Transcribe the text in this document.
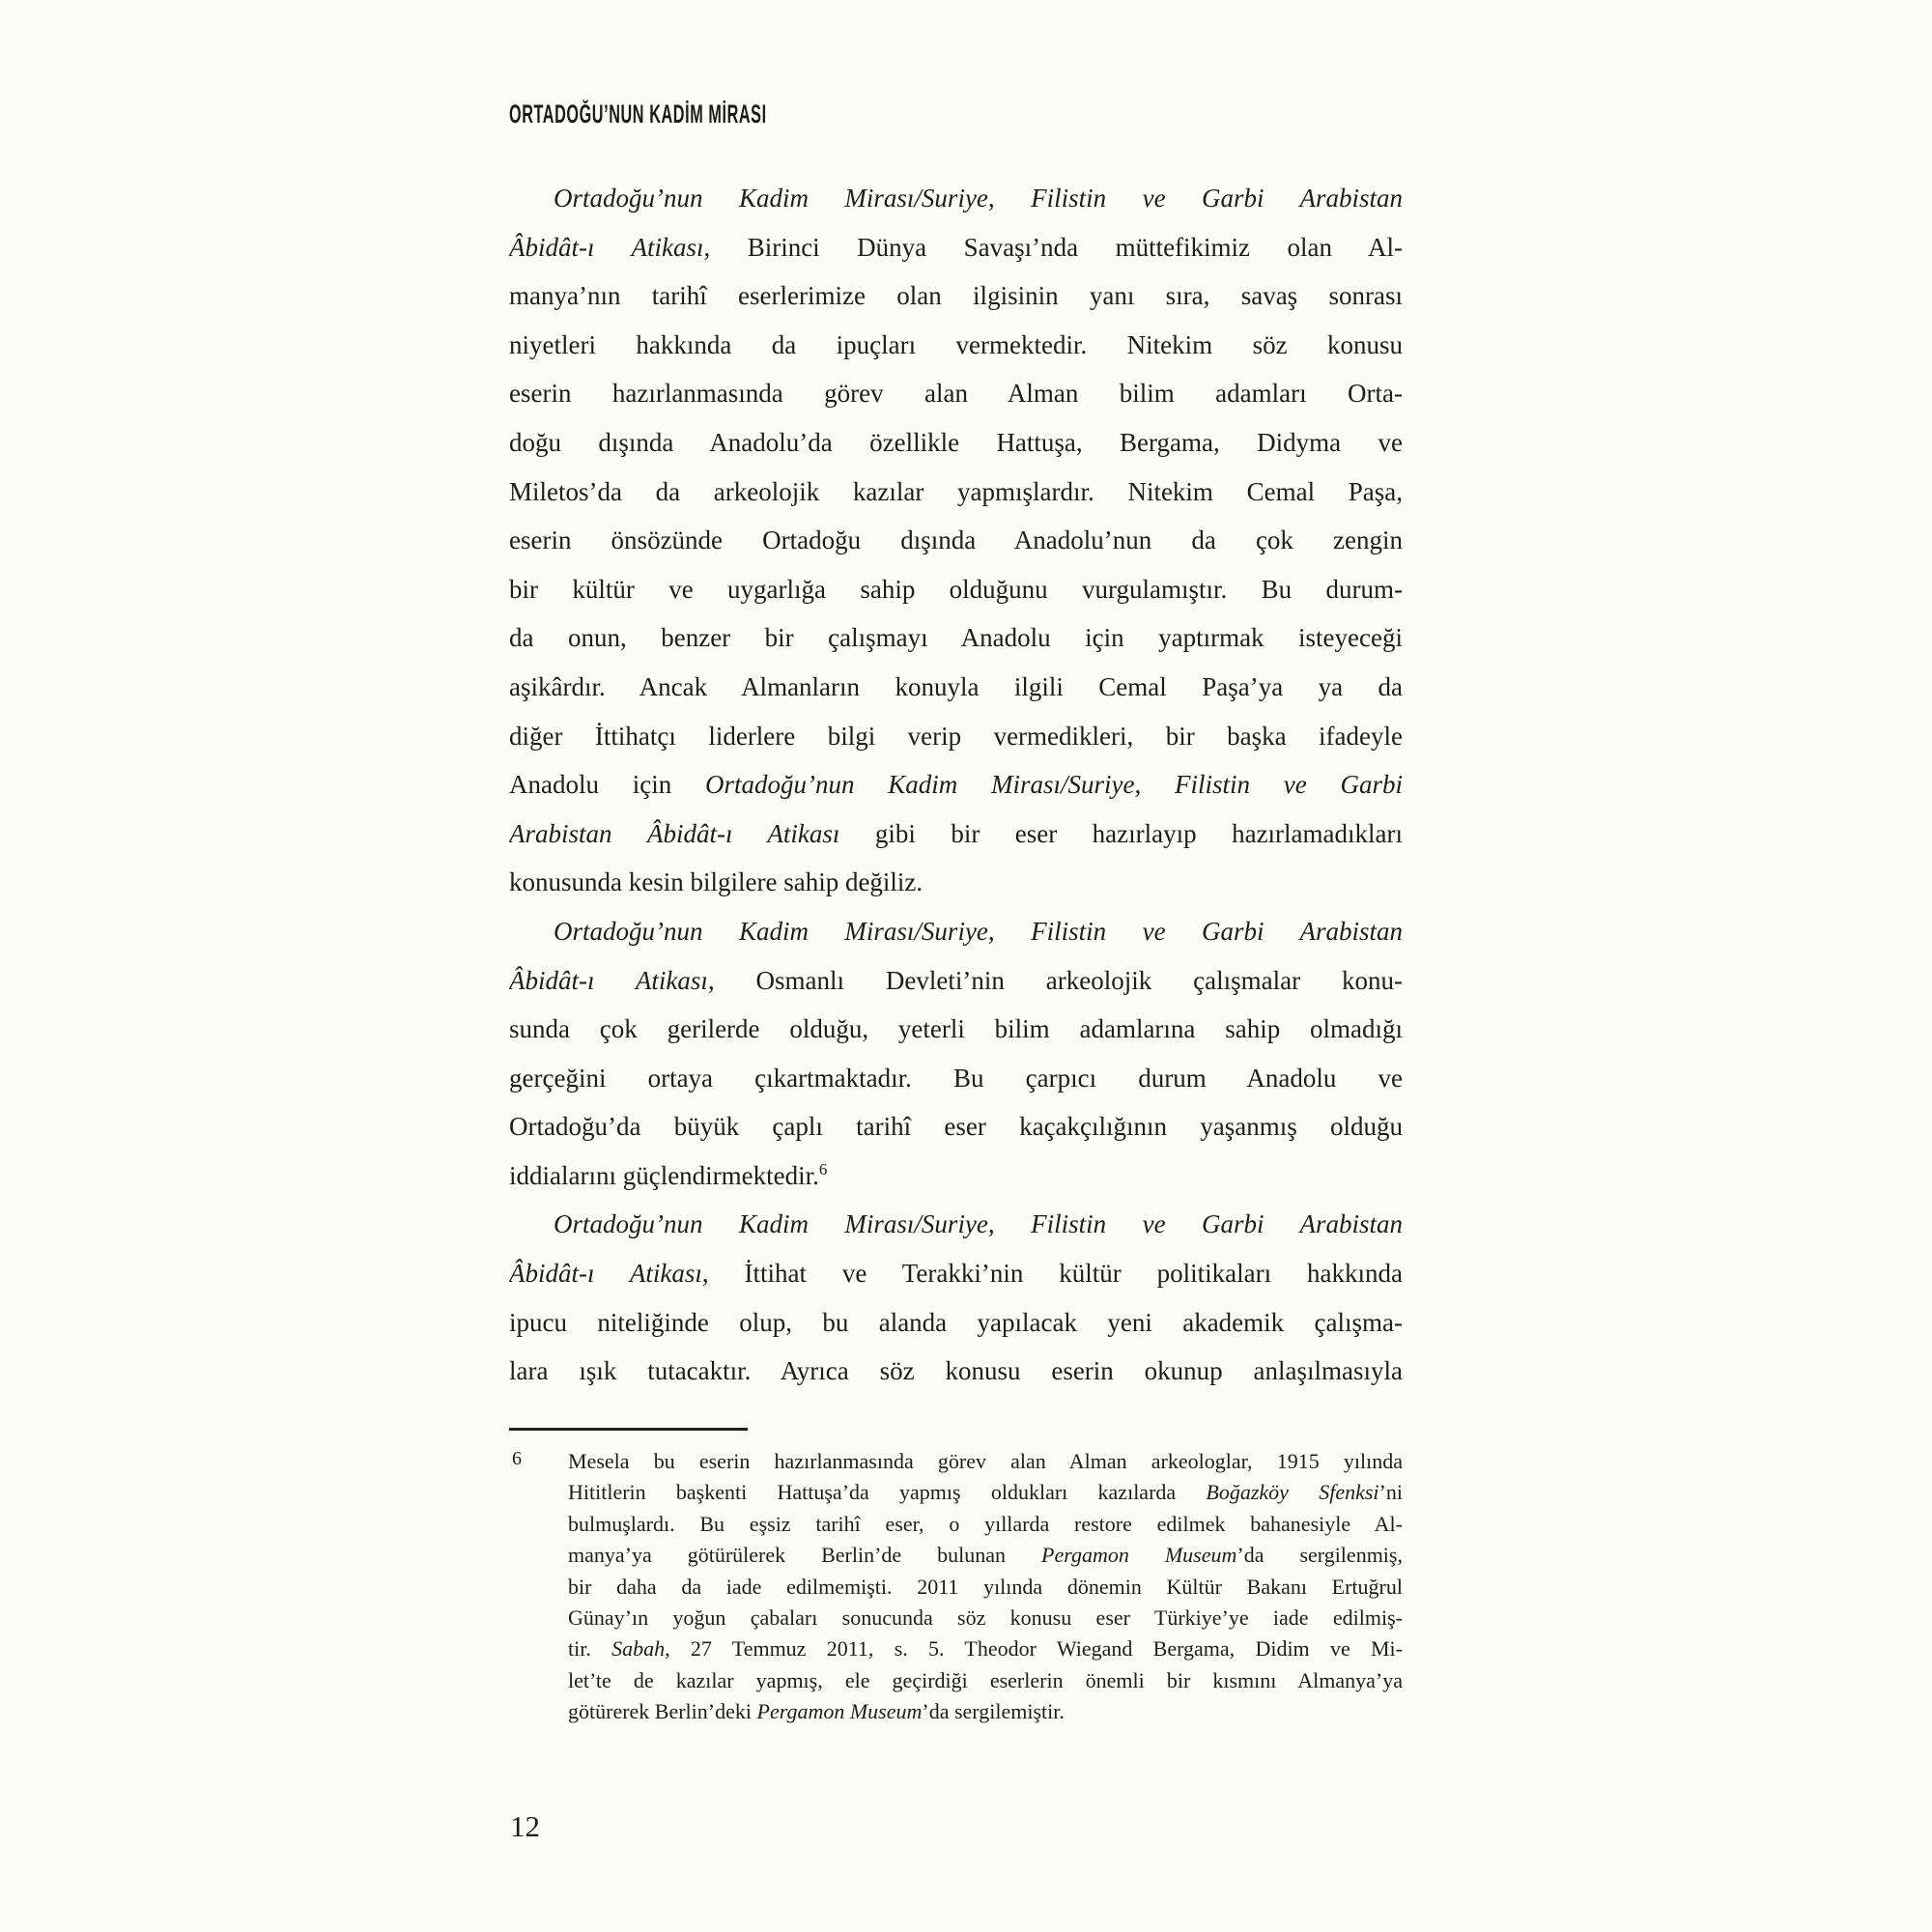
ORTADOĞU’NUN KADİM MİRASI
Ortadoğu’nun Kadim Mirası/Suriye, Filistin ve Garbi Arabistan
Âbidât-ı Atikası, Birinci Dünya Savaşı’nda müttefikimiz olan Al-
manya’nın tarihî eserlerimize olan ilgisinin yanı sıra, savaş sonrası
niyetleri hakkında da ipuçları vermektedir. Nitekim söz konusu
eserin hazırlanmasında görev alan Alman bilim adamları Orta-
doğu dışında Anadolu’da özellikle Hattuşa, Bergama, Didyma ve
Miletos’da da arkeolojik kazılar yapmışlardır. Nitekim Cemal Paşa,
eserin önsözünde Ortadoğu dışında Anadolu’nun da çok zengin
bir kültür ve uygarlığa sahip olduğunu vurgulamıştır. Bu durum-
da onun, benzer bir çalışmayı Anadolu için yaptırmak isteyeceği
aşikârdır. Ancak Almanların konuyla ilgili Cemal Paşa’ya ya da
diğer İttihatçı liderlere bilgi verip vermedikleri, bir başka ifadeyle
Anadolu için Ortadoğu’nun Kadim Mirası/Suriye, Filistin ve Garbi
Arabistan Âbidât-ı Atikası gibi bir eser hazırlayıp hazırlamadıkları
konusunda kesin bilgilere sahip değiliz.
Ortadoğu’nun Kadim Mirası/Suriye, Filistin ve Garbi Arabistan
Âbidât-ı Atikası, Osmanlı Devleti’nin arkeolojik çalışmalar konu-
sunda çok gerilerde olduğu, yeterli bilim adamlarına sahip olmadığı
gerçeğini ortaya çıkartmaktadır. Bu çarpıcı durum Anadolu ve
Ortadoğu’da büyük çaplı tarihî eser kaçakçılığının yaşanmış olduğu
iddialarını güçlendirmektedir.$^6$
Ortadoğu’nun Kadim Mirası/Suriye, Filistin ve Garbi Arabistan
Âbidât-ı Atikası, İttihat ve Terakki’nin kültür politikaları hakkında
ipucu niteliğinde olup, bu alanda yapılacak yeni akademik çalışma-
lara ışık tutacaktır. Ayrıca söz konusu eserin okunup anlaşılmasıyla
6 Mesela bu eserin hazırlanmasında görev alan Alman arkeologlar, 1915 yılında
Hititlerin başkenti Hattuşa’da yapmış oldukları kazılarda Boğazköy Sfenksi’ni
bulmuşlardı. Bu eşsiz tarihî eser, o yıllarda restore edilmek bahanesiyle Al-
manya’ya götürülerek Berlin’de bulunan Pergamon Museum’da sergilenmiş,
bir daha da iade edilmemişti. 2011 yılında dönemin Kültür Bakanı Ertuğrul
Günay’ın yoğun çabaları sonucunda söz konusu eser Türkiye’ye iade edilmiş-
tir. Sabah, 27 Temmuz 2011, s. 5. Theodor Wiegand Bergama, Didim ve Mi-
let’te de kazılar yapmış, ele geçirdiği eserlerin önemli bir kısmını Almanya’ya
götürerek Berlin’deki Pergamon Museum’da sergilemiştir.
12
